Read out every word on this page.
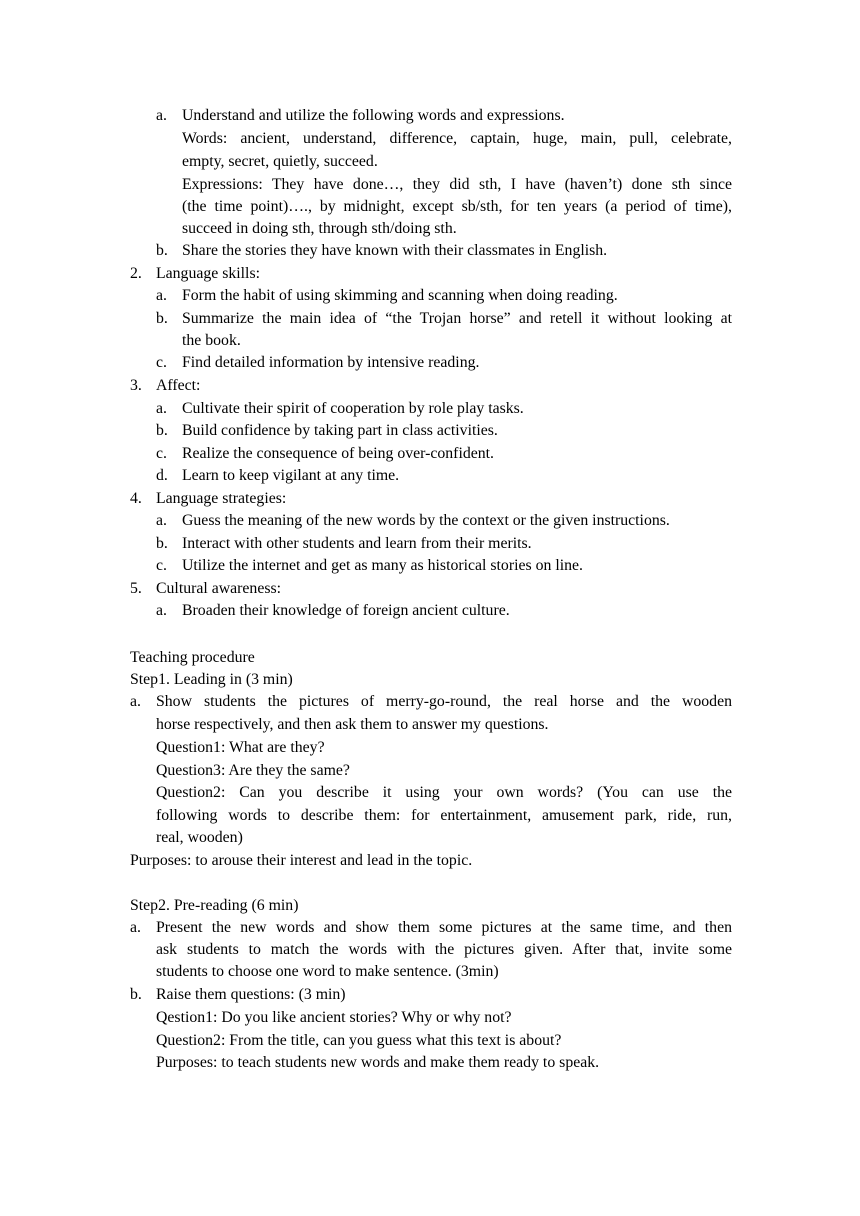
a. Understand and utilize the following words and expressions.
Words: ancient, understand, difference, captain, huge, main, pull, celebrate,
empty, secret, quietly, succeed.
Expressions: They have done…, they did sth, I have (haven’t) done sth since
(the time point)…., by midnight, except sb/sth, for ten years (a period of time),
succeed in doing sth, through sth/doing sth.
b. Share the stories they have known with their classmates in English.
2. Language skills:
a. Form the habit of using skimming and scanning when doing reading.
b. Summarize the main idea of “the Trojan horse” and retell it without looking at
the book.
c. Find detailed information by intensive reading.
3. Affect:
a. Cultivate their spirit of cooperation by role play tasks.
b. Build confidence by taking part in class activities.
c. Realize the consequence of being over-confident.
d. Learn to keep vigilant at any time.
4. Language strategies:
a. Guess the meaning of the new words by the context or the given instructions.
b. Interact with other students and learn from their merits.
c. Utilize the internet and get as many as historical stories on line.
5. Cultural awareness:
a. Broaden their knowledge of foreign ancient culture.
Teaching procedure
Step1. Leading in (3 min)
a. Show students the pictures of merry-go-round, the real horse and the wooden
horse respectively, and then ask them to answer my questions.
Question1: What are they?
Question3: Are they the same?
Question2: Can you describe it using your own words? (You can use the
following words to describe them: for entertainment, amusement park, ride, run,
real, wooden)
Purposes: to arouse their interest and lead in the topic.
Step2. Pre-reading (6 min)
a. Present the new words and show them some pictures at the same time, and then
ask students to match the words with the pictures given. After that, invite some
students to choose one word to make sentence. (3min)
b. Raise them questions: (3 min)
Qestion1: Do you like ancient stories? Why or why not?
Question2: From the title, can you guess what this text is about?
Purposes: to teach students new words and make them ready to speak.
